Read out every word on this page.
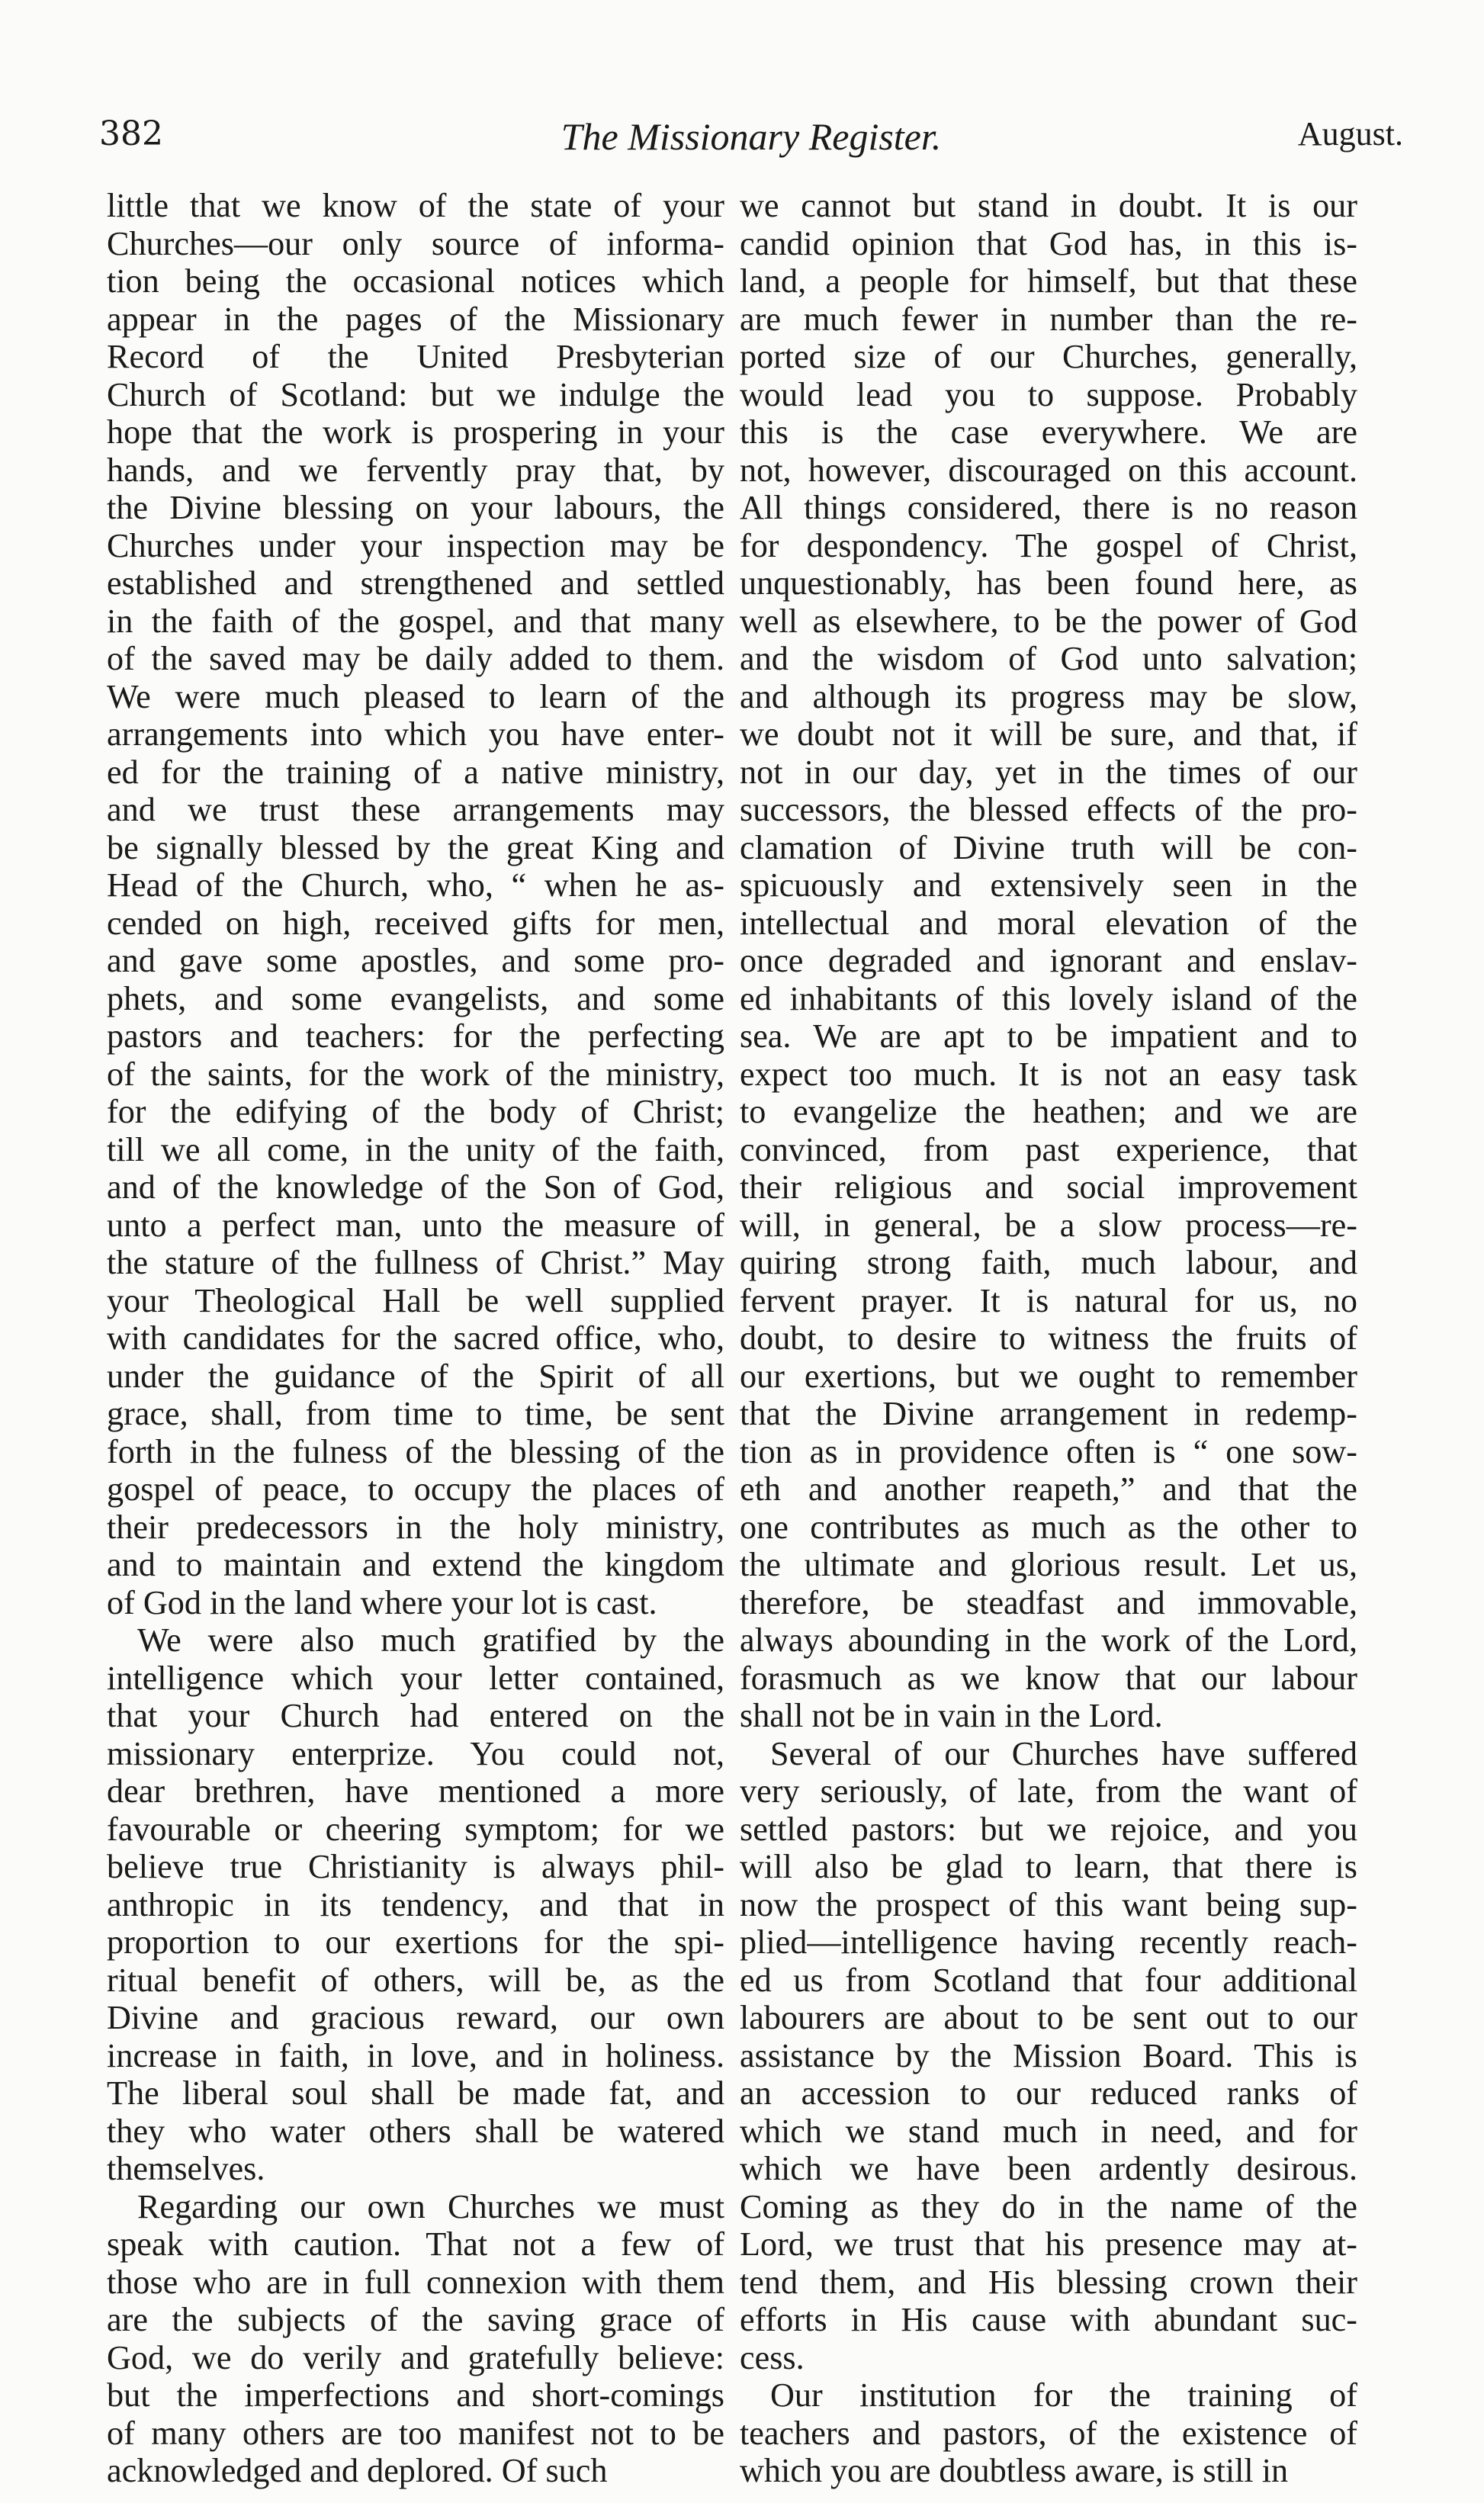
382	The Missionary Register.	August.
little that we know of the state of your
Churches—our only source of informa-
tion being the occasional notices which
appear in the pages of the Missionary
Record of the United Presbyterian
Church of Scotland: but we indulge the
hope that the work is prospering in your
hands, and we fervently pray that, by
the Divine blessing on your labours, the
Churches under your inspection may be
established and strengthened and settled
in the faith of the gospel, and that many
of the saved may be daily added to them.
We were much pleased to learn of the
arrangements into which you have enter-
ed for the training of a native ministry,
and we trust these arrangements may
be signally blessed by the great King and
Head of the Church, who, “ when he as-
cended on high, received gifts for men,
and gave some apostles, and some pro-
phets, and some evangelists, and some
pastors and teachers: for the perfecting
of the saints, for the work of the ministry,
for the edifying of the body of Christ;
till we all come, in the unity of the faith,
and of the knowledge of the Son of God,
unto a perfect man, unto the measure of
the stature of the fullness of Christ.” May
your Theological Hall be well supplied
with candidates for the sacred office, who,
under the guidance of the Spirit of all
grace, shall, from time to time, be sent
forth in the fulness of the blessing of the
gospel of peace, to occupy the places of
their predecessors in the holy ministry,
and to maintain and extend the kingdom
of God in the land where your lot is cast.
We were also much gratified by the
intelligence which your letter contained,
that your Church had entered on the
missionary enterprize. You could not,
dear brethren, have mentioned a more
favourable or cheering symptom; for we
believe true Christianity is always phil-
anthropic in its tendency, and that in
proportion to our exertions for the spi-
ritual benefit of others, will be, as the
Divine and gracious reward, our own
increase in faith, in love, and in holiness.
The liberal soul shall be made fat, and
they who water others shall be watered
themselves.
Regarding our own Churches we must
speak with caution. That not a few of
those who are in full connexion with them
are the subjects of the saving grace of
God, we do verily and gratefully believe:
but the imperfections and short-comings
of many others are too manifest not to be
acknowledged and deplored. Of such
we cannot but stand in doubt. It is our
candid opinion that God has, in this is-
land, a people for himself, but that these
are much fewer in number than the re-
ported size of our Churches, generally,
would lead you to suppose. Probably
this is the case everywhere. We are
not, however, discouraged on this account.
All things considered, there is no reason
for despondency. The gospel of Christ,
unquestionably, has been found here, as
well as elsewhere, to be the power of God
and the wisdom of God unto salvation;
and although its progress may be slow,
we doubt not it will be sure, and that, if
not in our day, yet in the times of our
successors, the blessed effects of the pro-
clamation of Divine truth will be con-
spicuously and extensively seen in the
intellectual and moral elevation of the
once degraded and ignorant and enslav-
ed inhabitants of this lovely island of the
sea. We are apt to be impatient and to
expect too much. It is not an easy task
to evangelize the heathen; and we are
convinced, from past experience, that
their religious and social improvement
will, in general, be a slow process—re-
quiring strong faith, much labour, and
fervent prayer. It is natural for us, no
doubt, to desire to witness the fruits of
our exertions, but we ought to remember
that the Divine arrangement in redemp-
tion as in providence often is “ one sow-
eth and another reapeth,” and that the
one contributes as much as the other to
the ultimate and glorious result. Let us,
therefore, be steadfast and immovable,
always abounding in the work of the Lord,
forasmuch as we know that our labour
shall not be in vain in the Lord.
Several of our Churches have suffered
very seriously, of late, from the want of
settled pastors: but we rejoice, and you
will also be glad to learn, that there is
now the prospect of this want being sup-
plied—intelligence having recently reach-
ed us from Scotland that four additional
labourers are about to be sent out to our
assistance by the Mission Board. This is
an accession to our reduced ranks of
which we stand much in need, and for
which we have been ardently desirous.
Coming as they do in the name of the
Lord, we trust that his presence may at-
tend them, and His blessing crown their
efforts in His cause with abundant suc-
cess.
Our institution for the training of
teachers and pastors, of the existence of
which you are doubtless aware, is still in
